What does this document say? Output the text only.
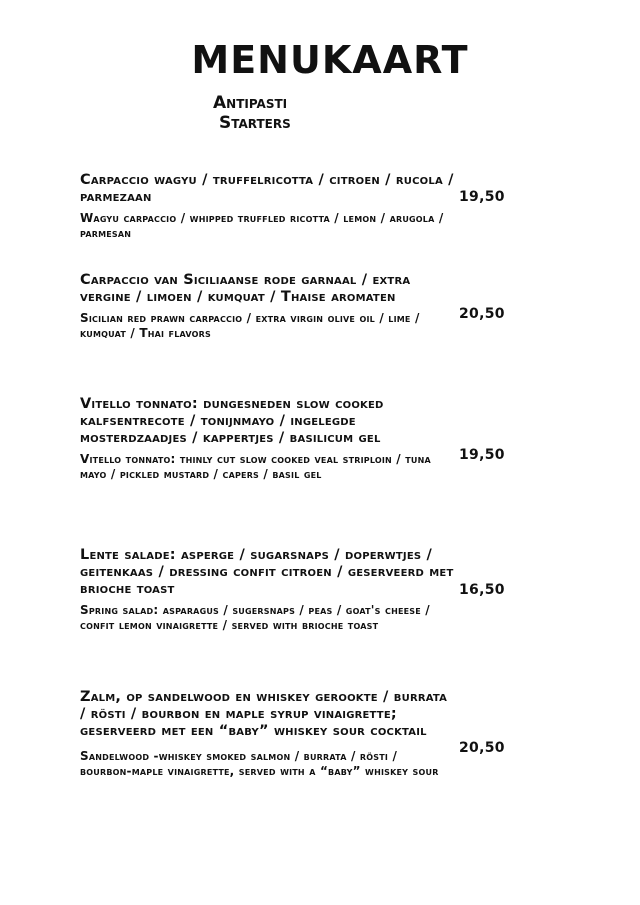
MENUKAART
Antipasti
Starters
Carpaccio wagyu / truffelricotta / citroen / rucola / parmezaan	19,50
Wagyu carpaccio / whipped truffled ricotta / lemon / arugola / parmesan
Carpaccio van Siciliaanse rode garnaal / extra vergine / limoen / kumquat / Thaise aromaten
20,50
Sicilian red prawn carpaccio / extra virgin olive oil / lime / kumquat / Thai flavors
Vitello tonnato: dungesneden slow cooked kalfsentrecote / tonijnmayo / ingelegde mosterdzaadjes / kappertjes / basilicum gel
19,50
Vitello tonnato: thinly cut slow cooked veal striploin / tuna mayo / pickled mustard / capers / basil gel
Lente salade: asperge / sugarsnaps / doperwtjes / geitenkaas / dressing confit citroen / geserveerd met brioche toast	16,50
Spring salad: asparagus / sugersnaps / peas / goat's cheese / confit lemon vinaigrette / served with brioche toast
Zalm, op sandelwood en whiskey gerookte / burrata / rösti / bourbon en maple syrup vinaigrette; geserveerd met een “baby” whiskey sour cocktail
20,50
Sandelwood -whiskey smoked salmon / burrata / rösti / bourbon-maple vinaigrette, served with a “baby” whiskey sour
